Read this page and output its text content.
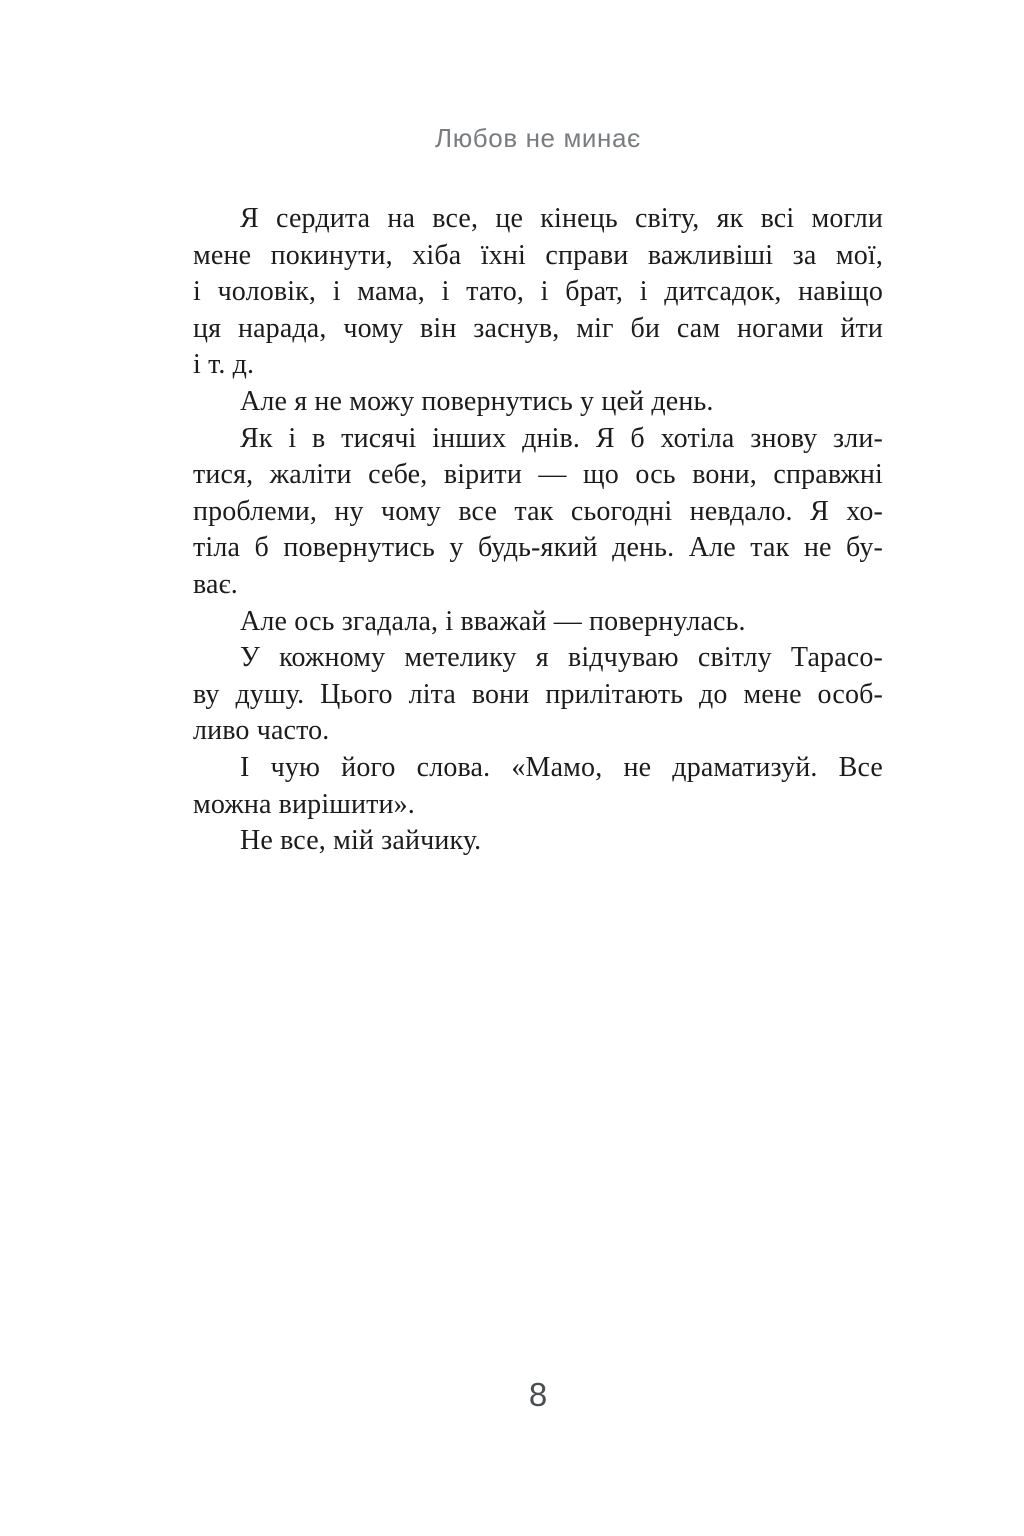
Любов не минає
Я сердита на все, це кінець світу, як всі могли
мене покинути, хіба їхні справи важливіші за мої,
і чоловік, і мама, і тато, і брат, і дитсадок, навіщо
ця нарада, чому він заснув, міг би сам ногами йти
і т. д.
Але я не можу повернутись у цей день.
Як і в тисячі інших днів. Я б хотіла знову зли-
тися, жаліти себе, вірити — що ось вони, справжні
проблеми, ну чому все так сьогодні невдало. Я хо-
тіла б повернутись у будь-який день. Але так не бу-
ває.
Але ось згадала, і вважай — повернулась.
У кожному метелику я відчуваю світлу Тарасо-
ву душу. Цього літа вони прилітають до мене особ-
ливо часто.
І чую його слова. «Мамо, не драматизуй. Все
можна вирішити».
Не все, мій зайчику.
8
